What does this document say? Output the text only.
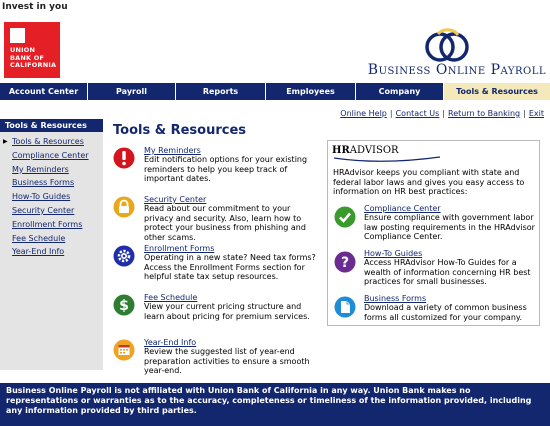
Invest in you
UNION
BANK OF
CALIFORNIA	Business Online Payroll
Account Center	Payroll	Reports	Employees	Company	Tools & Resources
Online Help | Contact Us | Return to Banking | Exit
Tools & Resources
▶ Tools & Resources
Compliance Center
My Reminders
Business Forms
How-To Guides
Security Center
Enrollment Forms
Fee Schedule
Year-End Info
Tools & Resources
My Reminders
Edit notification options for your existing reminders to help you keep track of important dates.
Security Center
Read about our commitment to your privacy and security. Also, learn how to protect your business from phishing and other scams.
Enrollment Forms
Operating in a new state? Need tax forms? Access the Enrollment Forms section for helpful state tax setup resources.
$
Fee Schedule
View your current pricing structure and learn about pricing for premium services.
Year-End Info
Review the suggested list of year-end preparation activities to ensure a smooth year-end.
HRADVISOR
HRAdvisor keeps you compliant with state and federal labor laws and gives you easy access to information on HR best practices:
Compliance Center
Ensure compliance with government labor law posting requirements in the HRAdvisor Compliance Center.
?
How-To Guides
Access HRAdvisor How-To Guides for a wealth of information concerning HR best practices for small businesses.
Business Forms
Download a variety of common business forms all customized for your company.
Business Online Payroll is not affiliated with Union Bank of California in any way. Union Bank makes no representations or warranties as to the accuracy, completeness or timeliness of the information provided, including any information provided by third parties.
